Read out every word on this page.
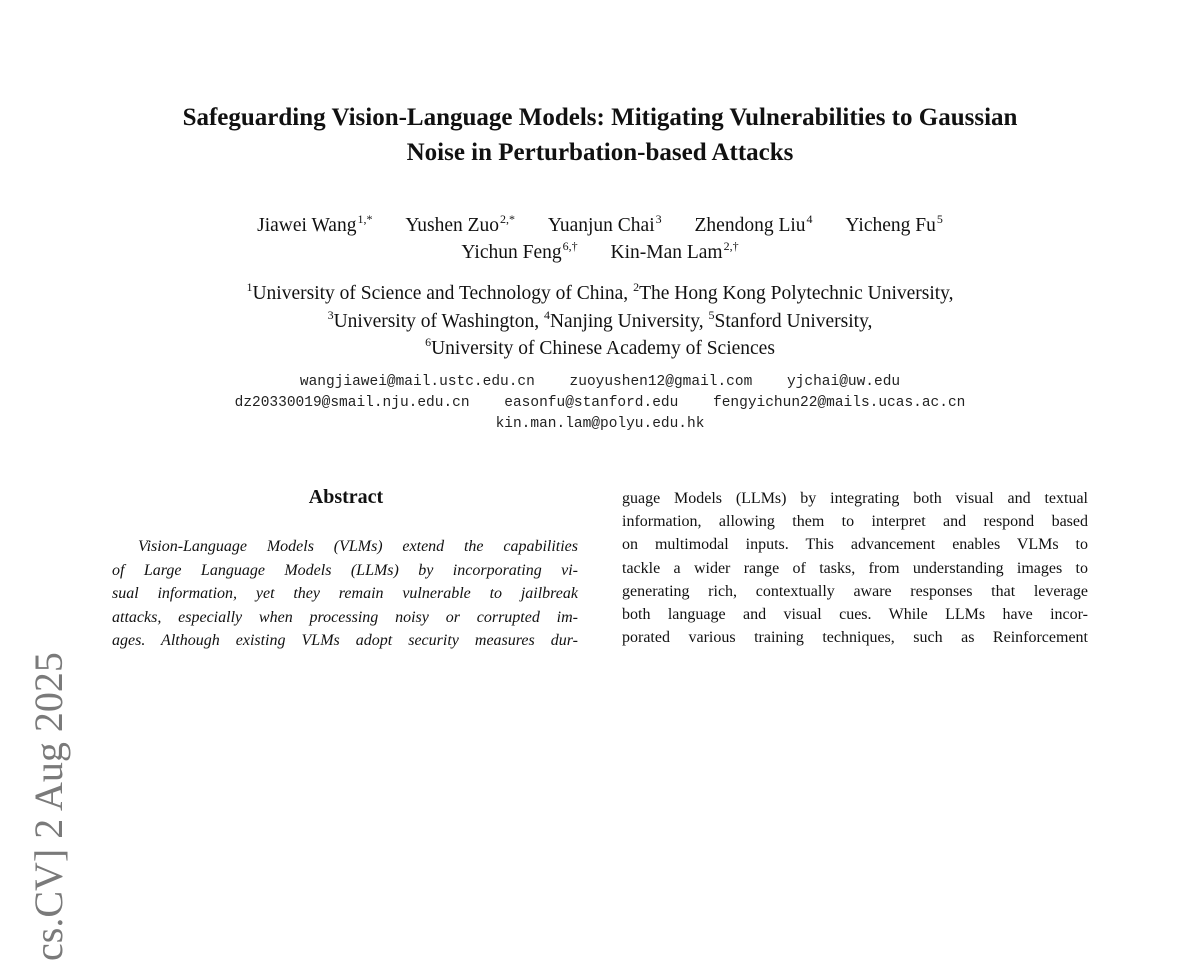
Safeguarding Vision-Language Models: Mitigating Vulnerabilities to Gaussian
Noise in Perturbation-based Attacks
Jiawei Wang$^{1,*}$ Yushen Zuo$^{2,*}$ Yuanjun Chai$^3$ Zhendong Liu$^4$ Yicheng Fu$^5$
Yichun Feng$^{6,\dagger}$ Kin-Man Lam$^{2,\dagger}$
$^1$University of Science and Technology of China, $^2$The Hong Kong Polytechnic University,
$^3$University of Washington, $^4$Nanjing University, $^5$Stanford University,
$^6$University of Chinese Academy of Sciences
wangjiawei@mail.ustc.edu.cn zuoyushen12@gmail.com yjchai@uw.edu
dz20330019@smail.nju.edu.cn easonfu@stanford.edu fengyichun22@mails.ucas.ac.cn
kin.man.lam@polyu.edu.hk
Abstract
Vision-Language Models (VLMs) extend the capabilities
of Large Language Models (LLMs) by incorporating vi-
sual information, yet they remain vulnerable to jailbreak
attacks, especially when processing noisy or corrupted im-
ages. Although existing VLMs adopt security measures dur-
guage Models (LLMs) by integrating both visual and textual
information, allowing them to interpret and respond based
on multimodal inputs. This advancement enables VLMs to
tackle a wider range of tasks, from understanding images to
generating rich, contextually aware responses that leverage
both language and visual cues. While LLMs have incor-
porated various training techniques, such as Reinforcement
cs.CV] 2 Aug 2025
